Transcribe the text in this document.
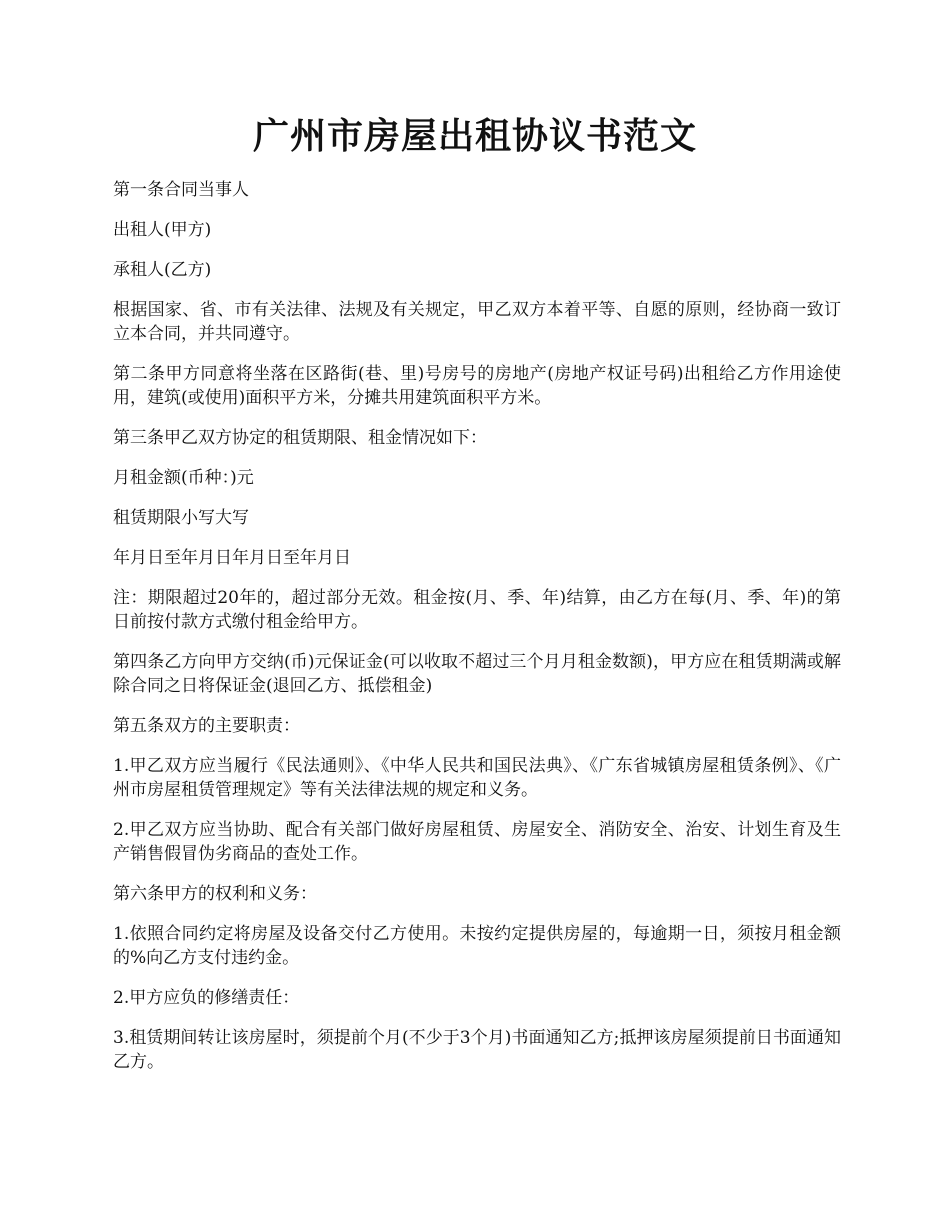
广州市房屋出租协议书范文

第一条合同当事人

出租人(甲方)

承租人(乙方)

根据国家、省、市有关法律、法规及有关规定，甲乙双方本着平等、自愿的原则，经协商一致订立本合同，并共同遵守。

第二条甲方同意将坐落在区路街(巷、里)号房号的房地产(房地产权证号码)出租给乙方作用途使用，建筑(或使用)面积平方米，分摊共用建筑面积平方米。

第三条甲乙双方协定的租赁期限、租金情况如下：

月租金额(币种：)元

租赁期限小写大写

年月日至年月日年月日至年月日

注：期限超过20年的，超过部分无效。租金按(月、季、年)结算，由乙方在每(月、季、年)的第日前按付款方式缴付租金给甲方。

第四条乙方向甲方交纳(币)元保证金(可以收取不超过三个月月租金数额)，甲方应在租赁期满或解除合同之日将保证金(退回乙方、抵偿租金)

第五条双方的主要职责：

1.甲乙双方应当履行《民法通则》、《中华人民共和国民法典》、《广东省城镇房屋租赁条例》、《广州市房屋租赁管理规定》等有关法律法规的规定和义务。

2.甲乙双方应当协助、配合有关部门做好房屋租赁、房屋安全、消防安全、治安、计划生育及生产销售假冒伪劣商品的查处工作。

第六条甲方的权利和义务：

1.依照合同约定将房屋及设备交付乙方使用。未按约定提供房屋的，每逾期一日，须按月租金额的%向乙方支付违约金。

2.甲方应负的修缮责任：

3.租赁期间转让该房屋时，须提前个月(不少于3个月)书面通知乙方;抵押该房屋须提前日书面通知乙方。
